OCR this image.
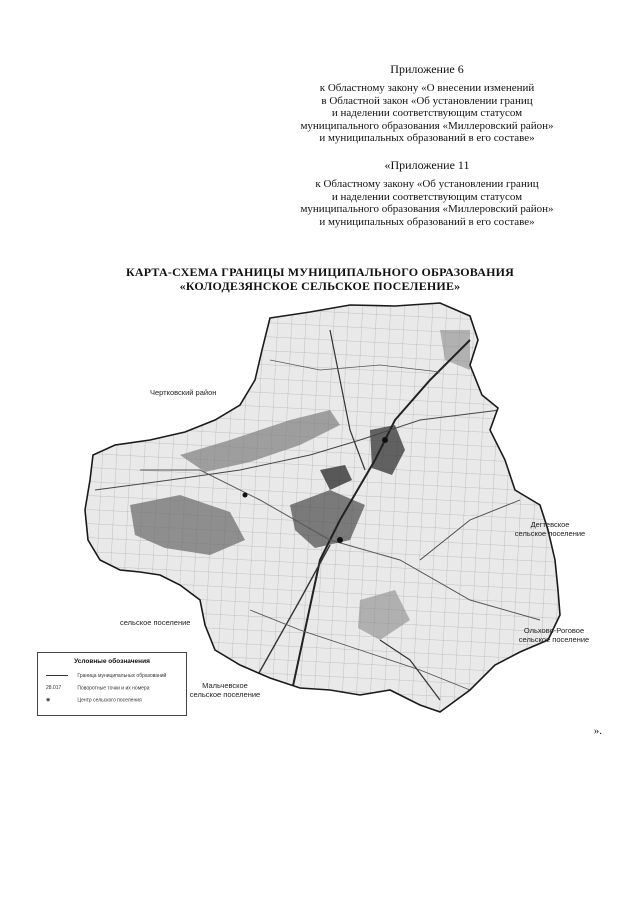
Приложение 6
к Областному закону «О внесении изменений
в Областной закон «Об установлении границ
и наделении соответствующим статусом
муниципального образования «Миллеровский район»
и муниципальных образований в его составе»
«Приложение 11
к Областному закону «Об установлении границ
и наделении соответствующим статусом
муниципального образования «Миллеровский район»
и муниципальных образований в его составе»
КАРТА-СХЕМА ГРАНИЦЫ МУНИЦИПАЛЬНОГО ОБРАЗОВАНИЯ
«КОЛОДЕЗЯНСКОЕ СЕЛЬСКОЕ ПОСЕЛЕНИЕ»
Чертковский район
Дегтевское
сельское поселение
Ольхово-Роговое
сельское поселение
Мальчевское
сельское поселение
сельское поселение
Условные обозначения
Граница муниципальных образований
28.017	Поворотные точки и их номера
◉	Центр сельского поселения
».
